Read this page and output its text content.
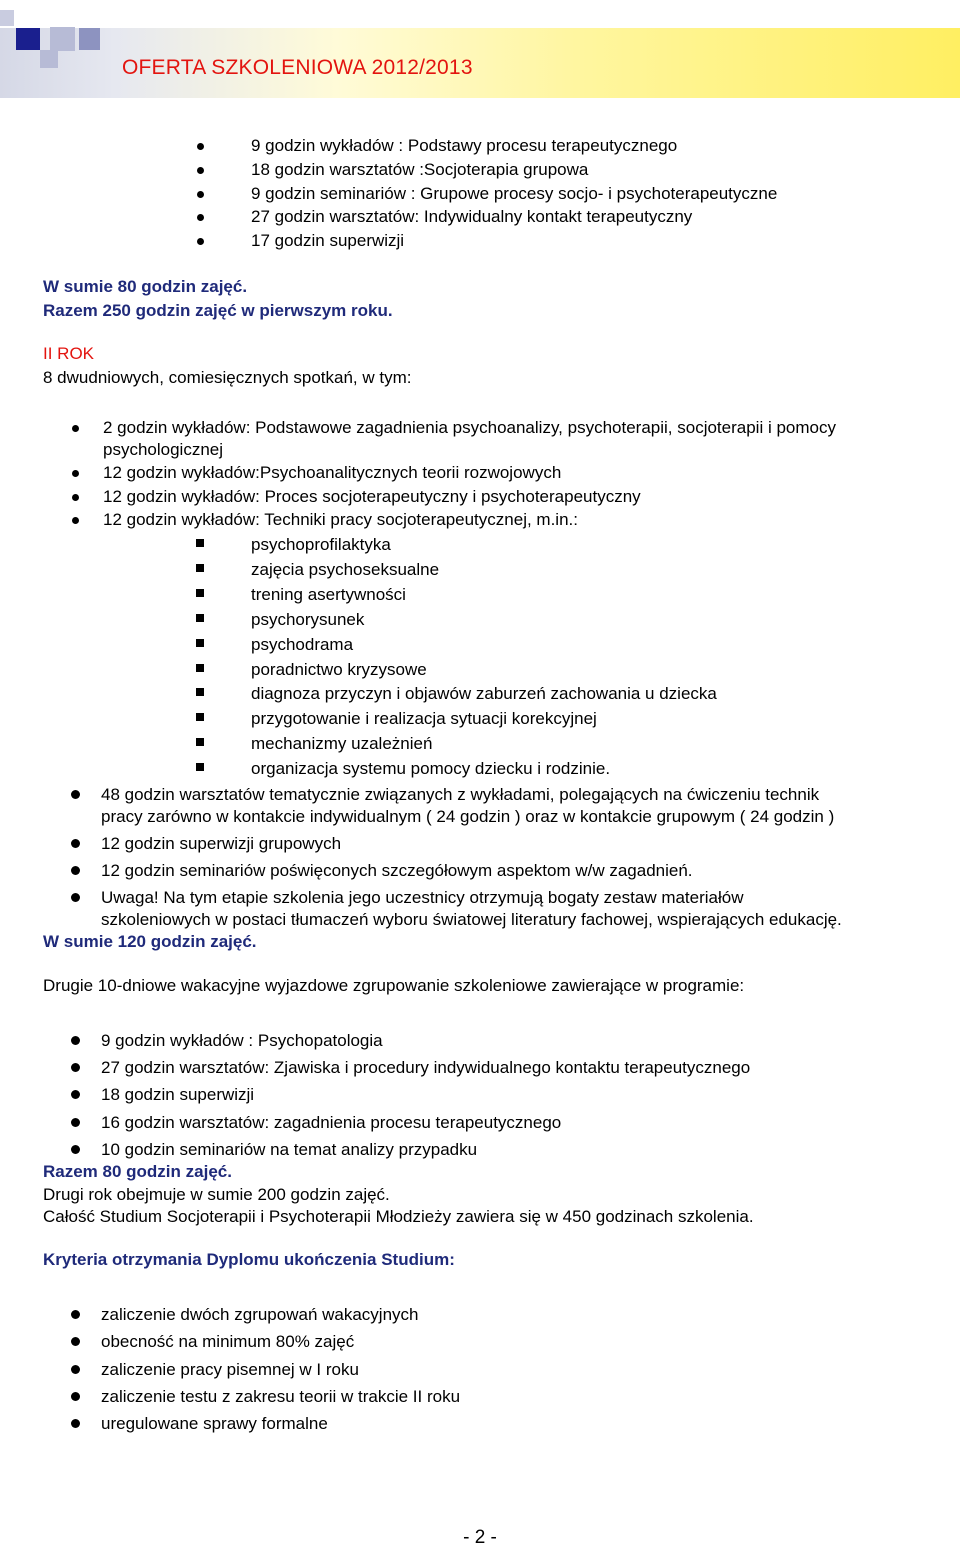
OFERTA SZKOLENIOWA 2012/2013
9 godzin wykładów : Podstawy procesu terapeutycznego
18 godzin warsztatów :Socjoterapia grupowa
9 godzin seminariów : Grupowe procesy socjo- i psychoterapeutyczne
27 godzin warsztatów: Indywidualny kontakt terapeutyczny
17 godzin superwizji
W sumie 80 godzin zajęć.
Razem 250 godzin zajęć w pierwszym roku.
II ROK
8 dwudniowych, comiesięcznych spotkań, w tym:
2 godzin wykładów: Podstawowe zagadnienia psychoanalizy, psychoterapii, socjoterapii i pomocy
psychologicznej
12 godzin wykładów:Psychoanalitycznych teorii rozwojowych
12 godzin wykładów: Proces socjoterapeutyczny i psychoterapeutyczny
12 godzin wykładów: Techniki pracy socjoterapeutycznej, m.in.:
psychoprofilaktyka
zajęcia psychoseksualne
trening asertywności
psychorysunek
psychodrama
poradnictwo kryzysowe
diagnoza przyczyn i objawów zaburzeń zachowania u dziecka
przygotowanie i realizacja sytuacji korekcyjnej
mechanizmy uzależnień
organizacja systemu pomocy dziecku i rodzinie.
48 godzin warsztatów tematycznie związanych z wykładami, polegających na ćwiczeniu technik
pracy zarówno w kontakcie indywidualnym ( 24 godzin ) oraz w kontakcie grupowym ( 24 godzin )
12 godzin superwizji grupowych
12 godzin seminariów poświęconych szczegółowym aspektom w/w zagadnień.
Uwaga! Na tym etapie szkolenia jego uczestnicy otrzymują bogaty zestaw materiałów
szkoleniowych w postaci tłumaczeń wyboru światowej literatury fachowej, wspierających edukację.
W sumie 120 godzin zajęć.
Drugie 10-dniowe wakacyjne wyjazdowe zgrupowanie szkoleniowe zawierające w programie:
9 godzin wykładów : Psychopatologia
27 godzin warsztatów: Zjawiska i procedury indywidualnego kontaktu terapeutycznego
18 godzin superwizji
16 godzin warsztatów: zagadnienia procesu terapeutycznego
10 godzin seminariów na temat analizy przypadku
Razem 80 godzin zajęć.
Drugi rok obejmuje w sumie 200 godzin zajęć.
Całość Studium Socjoterapii i Psychoterapii Młodzieży zawiera się w 450 godzinach szkolenia.
Kryteria otrzymania Dyplomu ukończenia Studium:
zaliczenie dwóch zgrupowań wakacyjnych
obecność na minimum 80% zajęć
zaliczenie pracy pisemnej w I roku
zaliczenie testu z zakresu teorii w trakcie II roku
uregulowane sprawy formalne
- 2 -
